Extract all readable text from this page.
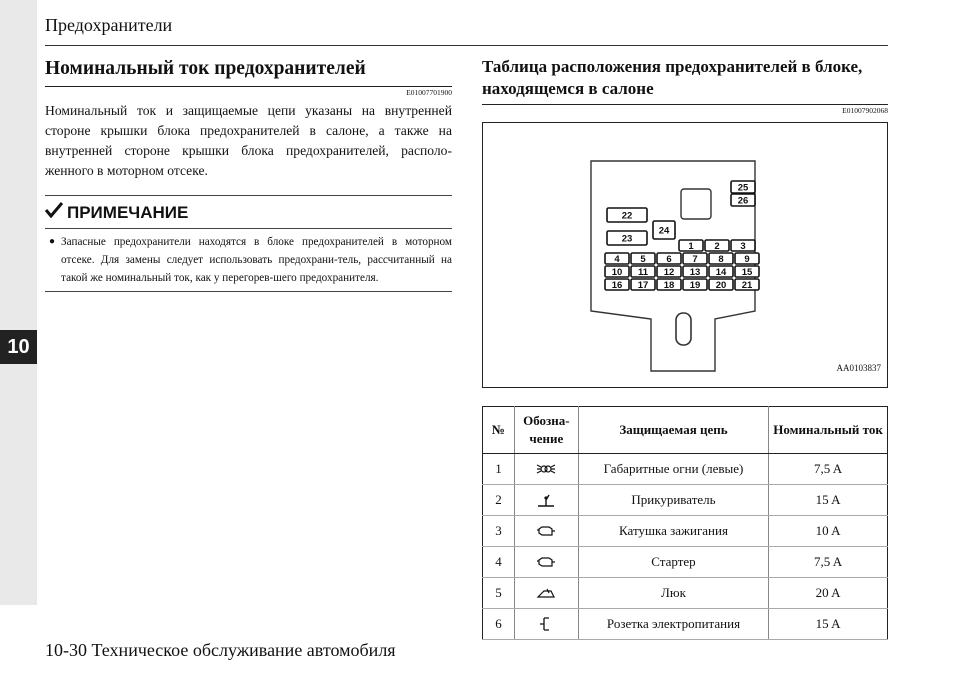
10
Предохранители
Номинальный ток предохранителей
E01007701900
Номинальный ток и защищаемые цепи указаны на внутренней стороне крышки блока предохранителей в салоне, а также на внутренней стороне крышки блока предохранителей, располо-женного в моторном отсеке.
ПРИМЕЧАНИЕ
● Запасные предохранители находятся в блоке предохранителей в моторном отсеке. Для замены следует использовать предохрани-тель, рассчитанный на такой же номинальный ток, как у перегорев-шего предохранителя.
Таблица расположения предохранителей в блоке,
находящемся в салоне
E01007902068
1 2 3
4 5 6 7 8 9
10 11 12 13 14 15
16 17 18 19 20 21
22
23
24
25
26
AA0103837
№	Обозна-чение	Защищаемая цепь	Номинальный ток
1		Габаритные огни (левые)	7,5 A
2		Прикуриватель	15 A
3		Катушка зажигания	10 A
4		Стартер	7,5 A
5		Люк	20 A
6		Розетка электропитания	15 A
10-30 Техническое обслуживание автомобиля
